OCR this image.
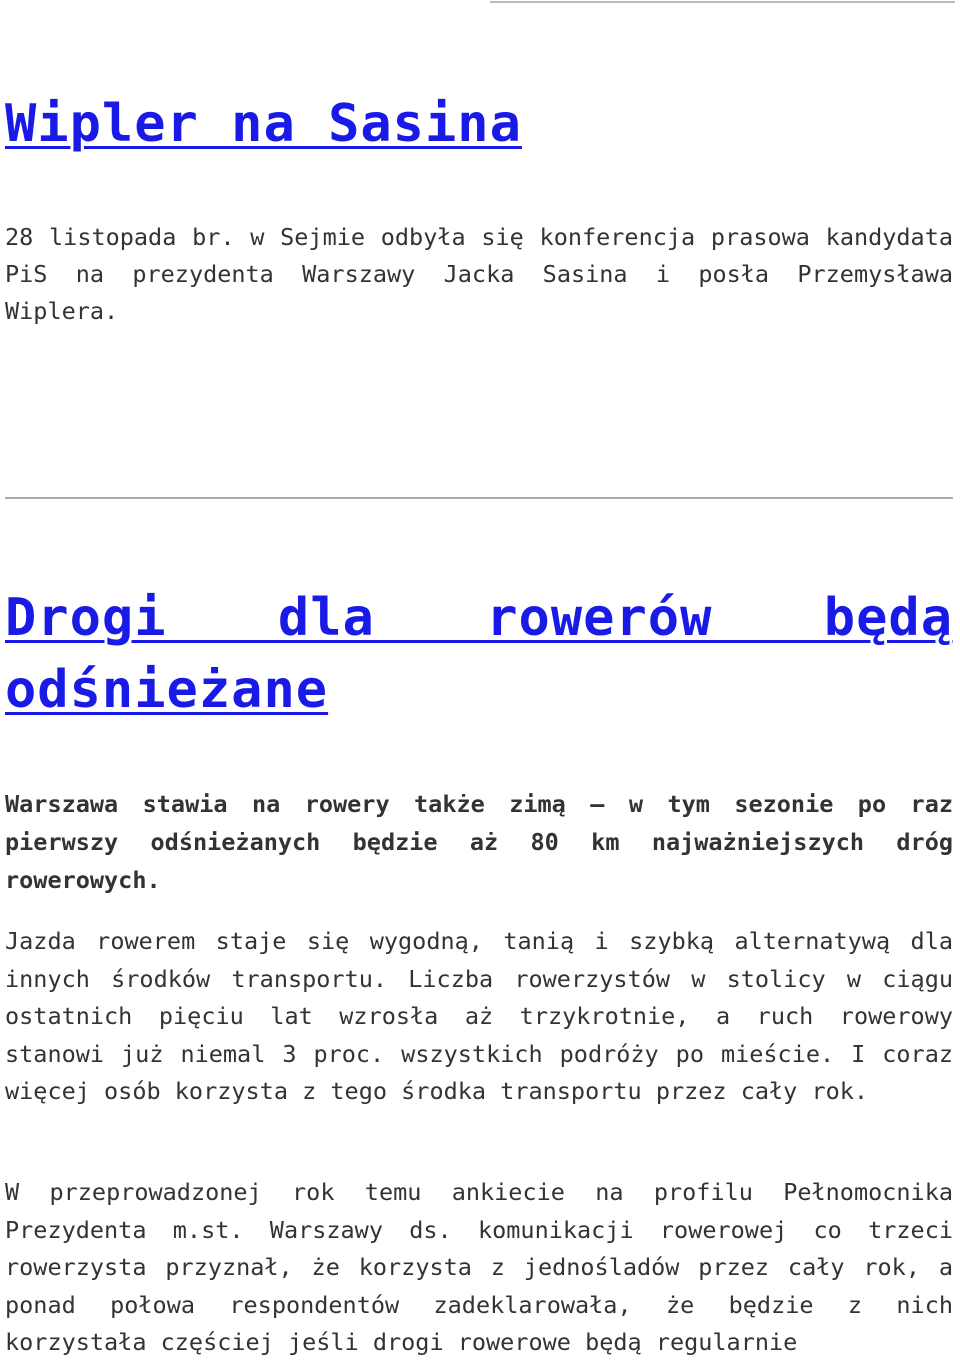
Wipler na Sasina

28 listopada br. w Sejmie odbyła się konferencja prasowa kandydata PiS na prezydenta Warszawy Jacka Sasina i posła Przemysława Wiplera.

Drogi dla rowerów będą odśnieżane

Warszawa stawia na rowery także zimą – w tym sezonie po raz pierwszy odśnieżanych będzie aż 80 km najważniejszych dróg rowerowych.

Jazda rowerem staje się wygodną, tanią i szybką alternatywą dla innych środków transportu. Liczba rowerzystów w stolicy w ciągu ostatnich pięciu lat wzrosła aż trzykrotnie, a ruch rowerowy stanowi już niemal 3 proc. wszystkich podróży po mieście. I coraz więcej osób korzysta z tego środka transportu przez cały rok.

W przeprowadzonej rok temu ankiecie na profilu Pełnomocnika Prezydenta m.st. Warszawy ds. komunikacji rowerowej co trzeci rowerzysta przyznał, że korzysta z jednośladów przez cały rok, a ponad połowa respondentów zadeklarowała, że będzie z nich korzystała częściej jeśli drogi rowerowe będą regularnie
